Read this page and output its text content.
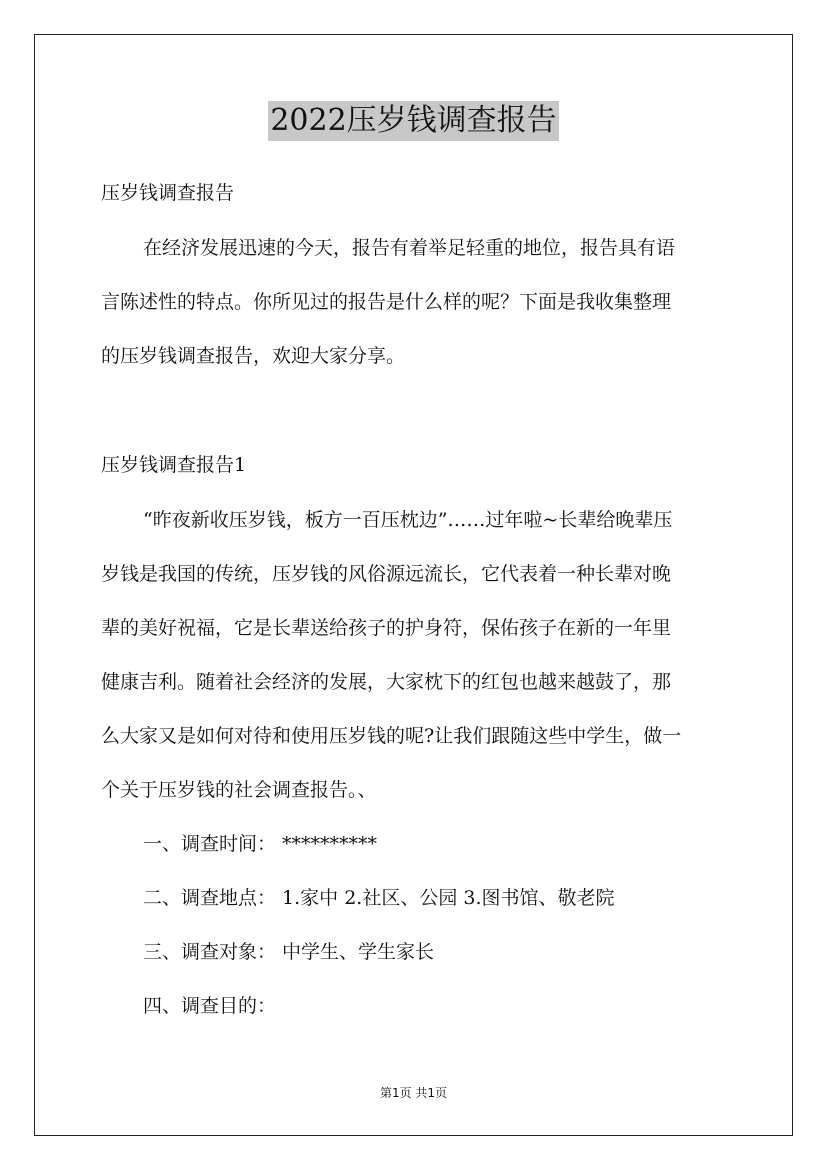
2022压岁钱调查报告
压岁钱调查报告
在经济发展迅速的今天，报告有着举足轻重的地位，报告具有语
言陈述性的特点。你所见过的报告是什么样的呢？下面是我收集整理
的压岁钱调查报告，欢迎大家分享。
压岁钱调查报告1
“昨夜新收压岁钱，板方一百压枕边”……过年啦~长辈给晚辈压
岁钱是我国的传统，压岁钱的风俗源远流长，它代表着一种长辈对晚
辈的美好祝福，它是长辈送给孩子的护身符，保佑孩子在新的一年里
健康吉利。随着社会经济的发展，大家枕下的红包也越来越鼓了，那
么大家又是如何对待和使用压岁钱的呢?让我们跟随这些中学生，做一
个关于压岁钱的社会调查报告。、
一、调查时间： **********
二、调查地点： 1.家中 2.社区、公园 3.图书馆、敬老院
三、调查对象： 中学生、学生家长
四、调查目的：
第1页 共1页
